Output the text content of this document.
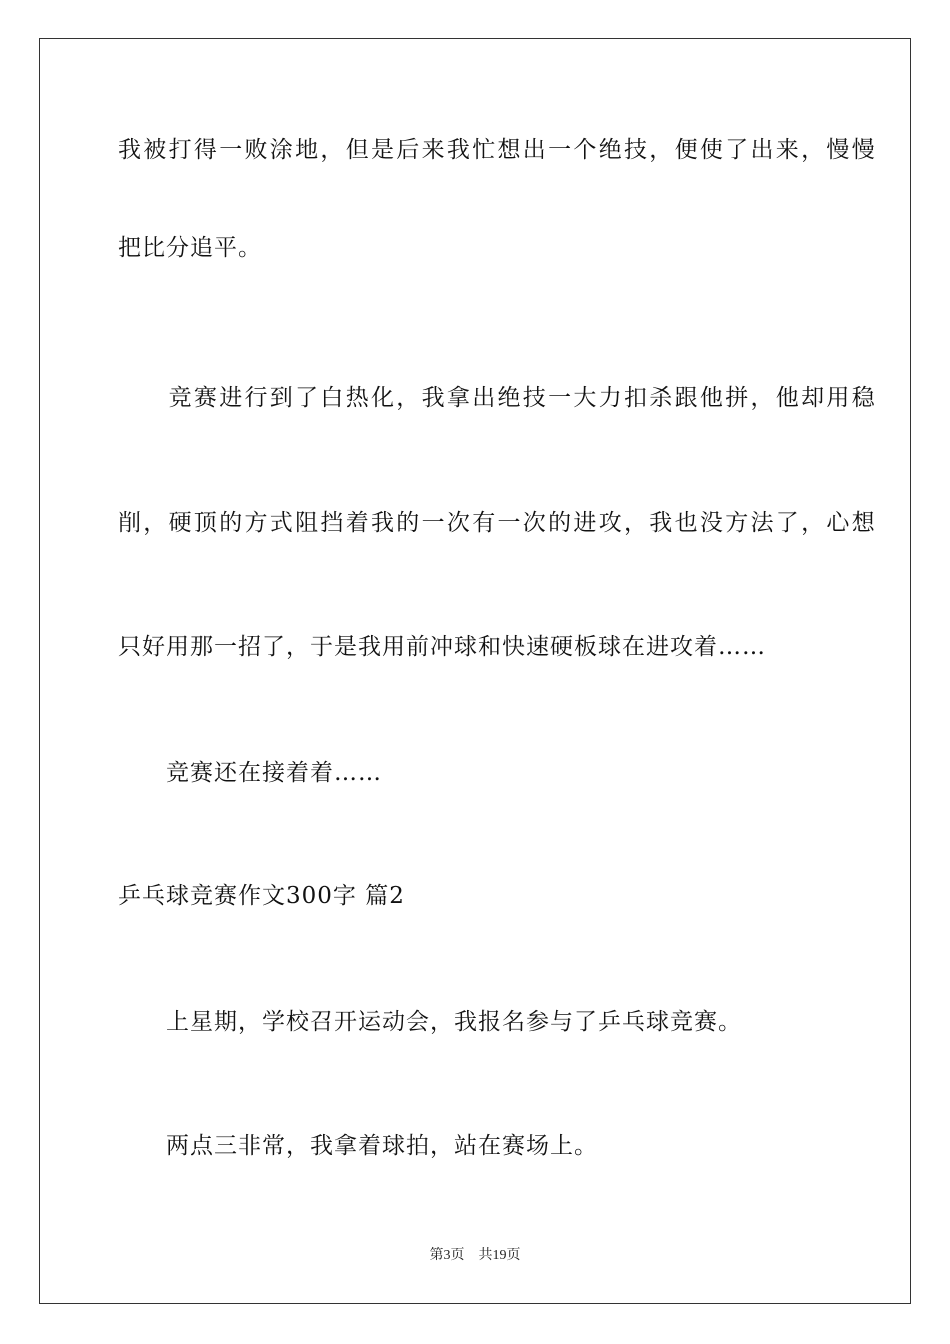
我被打得一败涂地，但是后来我忙想出一个绝技，便使了出来，慢慢
把比分追平。
　　竞赛进行到了白热化，我拿出绝技一大力扣杀跟他拼，他却用稳
削，硬顶的方式阻挡着我的一次有一次的进攻，我也没方法了，心想
只好用那一招了，于是我用前冲球和快速硬板球在进攻着……
　　竞赛还在接着着……
乒乓球竞赛作文300字 篇2
　　上星期，学校召开运动会，我报名参与了乒乓球竞赛。
　　两点三非常，我拿着球拍，站在赛场上。
第3页 共19页
